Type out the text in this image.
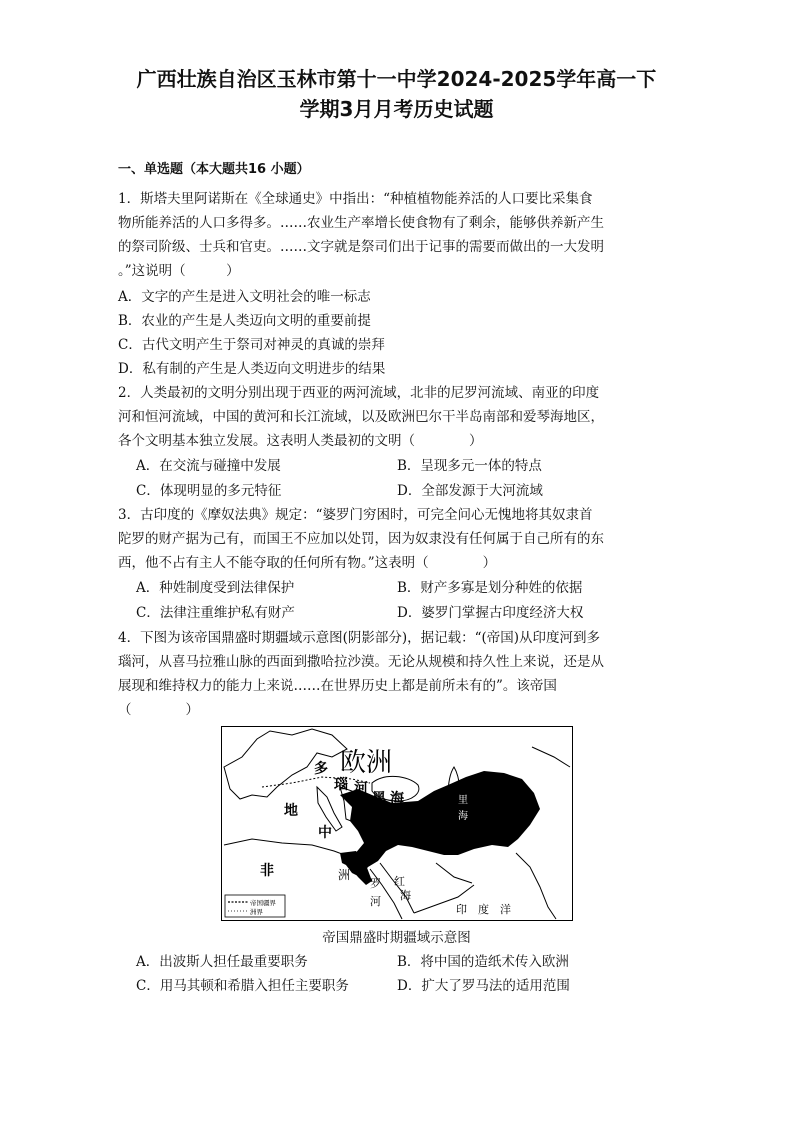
广西壮族自治区玉林市第十一中学2024-2025学年高一下
学期3月月考历史试题
一、单选题（本大题共16 小题）
1．斯塔夫里阿诺斯在《全球通史》中指出：“种植植物能养活的人口要比采集食
物所能养活的人口多得多。……农业生产率增长使食物有了剩余，能够供养新产生
的祭司阶级、士兵和官吏。……文字就是祭司们出于记事的需要而做出的一大发明
。”这说明（　　　）
A．文字的产生是进入文明社会的唯一标志
B．农业的产生是人类迈向文明的重要前提
C．古代文明产生于祭司对神灵的真诚的崇拜
D．私有制的产生是人类迈向文明进步的结果
2．人类最初的文明分别出现于西亚的两河流域，北非的尼罗河流域、南亚的印度
河和恒河流域，中国的黄河和长江流域，以及欧洲巴尔干半岛南部和爱琴海地区，
各个文明基本独立发展。这表明人类最初的文明（　　　　）
A．在交流与碰撞中发展	B．呈现多元一体的特点
C．体现明显的多元特征	D．全部发源于大河流域
3．古印度的《摩奴法典》规定：“婆罗门穷困时，可完全问心无愧地将其奴隶首
陀罗的财产据为己有，而国王不应加以处罚，因为奴隶没有任何属于自己所有的东
西，他不占有主人不能夺取的任何所有物。”这表明（　　　　）
A．种姓制度受到法律保护	B．财产多寡是划分种姓的依据
C．法律注重维护私有财产	D．婆罗门掌握古印度经济大权
4．下图为该帝国鼎盛时期疆域示意图(阴影部分)，据记载：“(帝国)从印度河到多
瑙河，从喜马拉雅山脉的西面到撒哈拉沙漠。无论从规模和持久性上来说，还是从
展现和维持权力的能力上来说……在世界历史上都是前所未有的”。该帝国
（　　　　）
欧洲
多
瑙 河
黑 海	里
海
地
中 海
非	洲
罗 红
河 海
印　度　洋
帝国疆界
洲界
帝国鼎盛时期疆域示意图
A．出波斯人担任最重要职务	B．将中国的造纸术传入欧洲
C．用马其顿和希腊入担任主要职务	D．扩大了罗马法的适用范围
